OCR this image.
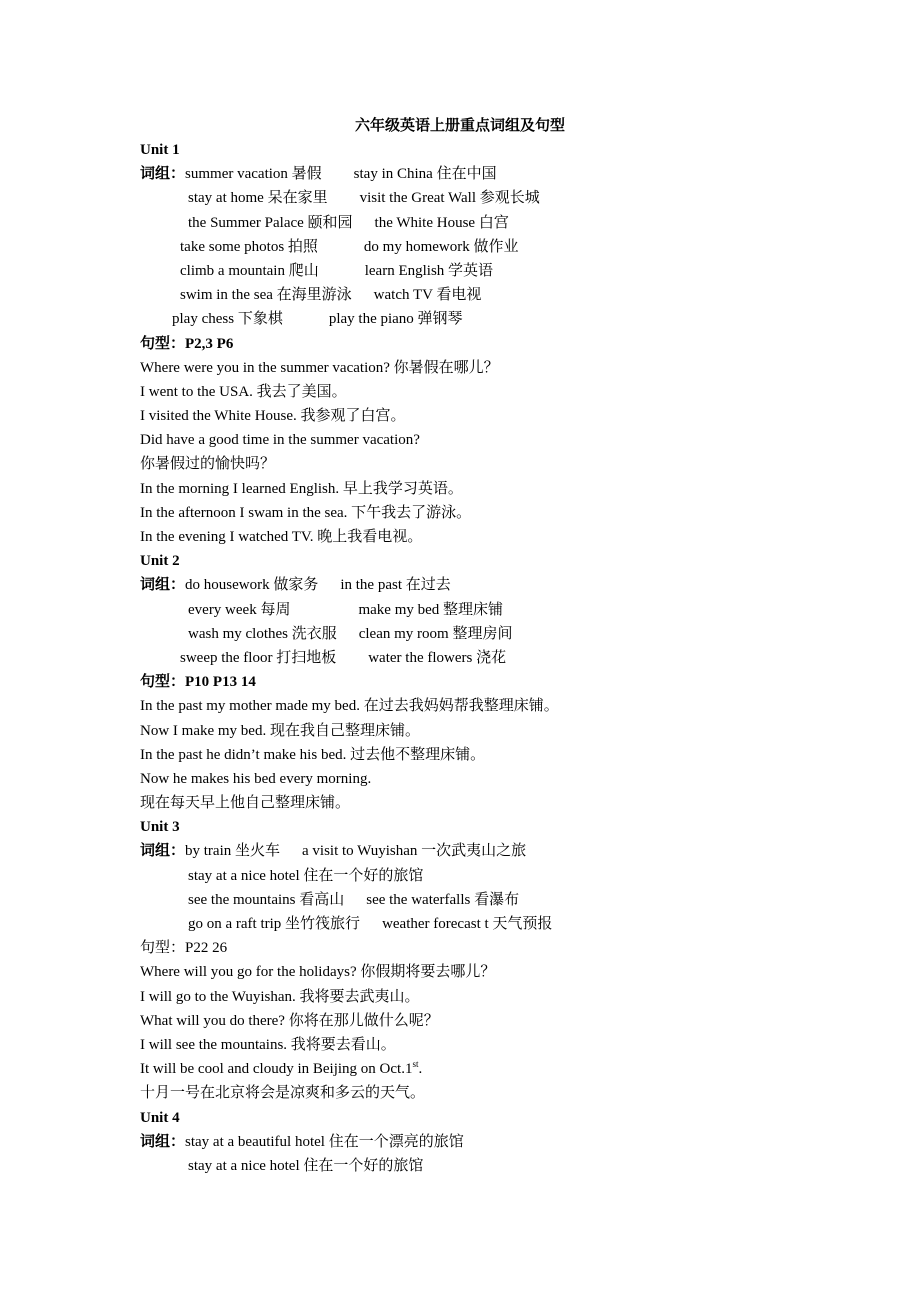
六年级英语上册重点词组及句型
Unit 1
词组：summer vacation 暑假 stay in China 住在中国
stay at home 呆在家里 visit the Great Wall 参观长城
the Summer Palace 颐和园 the White House 白宫
take some photos 拍照	do my homework 做作业
climb a mountain 爬山	learn English 学英语
swim in the sea 在海里游泳 watch TV 看电视
play chess 下象棋	play the piano 弹钢琴
句型：P2,3 P6
Where were you in the summer vacation? 你暑假在哪儿？
I went to the USA. 我去了美国。
I visited the White House. 我参观了白宫。
Did have a good time in the summer vacation?
你暑假过的愉快吗？
In the morning I learned English. 早上我学习英语。
In the afternoon I swam in the sea. 下午我去了游泳。
In the evening I watched TV. 晚上我看电视。
Unit 2
词组：do housework 做家务 in the past 在过去
every week 每周	make my bed 整理床铺
wash my clothes 洗衣服 clean my room 整理房间
sweep the floor 打扫地板 water the flowers 浇花
句型：P10 P13 14
In the past my mother made my bed. 在过去我妈妈帮我整理床铺。
Now I make my bed. 现在我自己整理床铺。
In the past he didn’t make his bed. 过去他不整理床铺。
Now he makes his bed every morning.
现在每天早上他自己整理床铺。
Unit 3
词组：by train 坐火车 a visit to Wuyishan 一次武夷山之旅
stay at a nice hotel 住在一个好的旅馆
see the mountains 看高山 see the waterfalls 看瀑布
go on a raft trip 坐竹筏旅行 weather forecast t 天气预报
句型：P22 26
Where will you go for the holidays? 你假期将要去哪儿？
I will go to the Wuyishan. 我将要去武夷山。
What will you do there? 你将在那儿做什么呢？
I will see the mountains. 我将要去看山。
It will be cool and cloudy in Beijing on Oct.1st.
十月一号在北京将会是凉爽和多云的天气。
Unit 4
词组：stay at a beautiful hotel 住在一个漂亮的旅馆
stay at a nice hotel 住在一个好的旅馆
